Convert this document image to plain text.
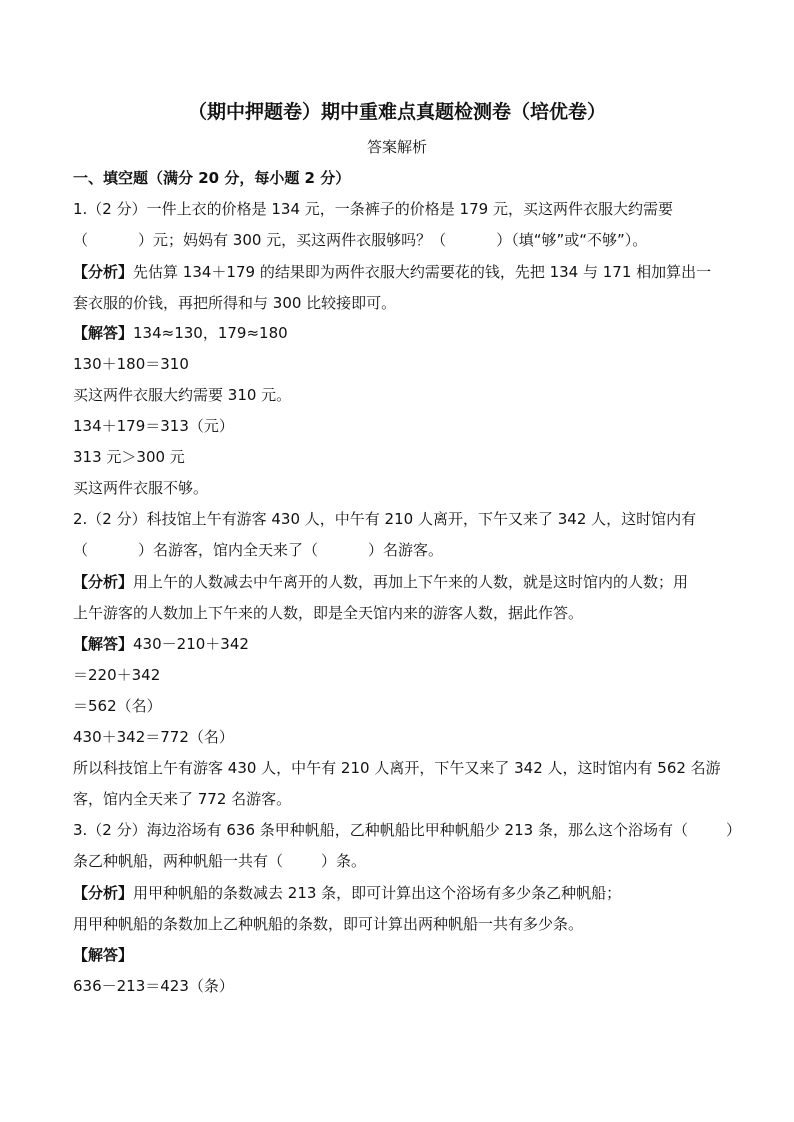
（期中押题卷）期中重难点真题检测卷（培优卷）
答案解析
一、填空题（满分 20 分，每小题 2 分）
1.（2 分）一件上衣的价格是 134 元，一条裤子的价格是 179 元，买这两件衣服大约需要
（	）元；妈妈有 300 元，买这两件衣服够吗？（	）（填“够”或“不够”）。
【分析】先估算 134＋179 的结果即为两件衣服大约需要花的钱，先把 134 与 171 相加算出一
套衣服的价钱，再把所得和与 300 比较接即可。
【解答】134≈130，179≈180
130＋180＝310
买这两件衣服大约需要 310 元。
134＋179＝313（元）
313 元＞300 元
买这两件衣服不够。
2.（2 分）科技馆上午有游客 430 人，中午有 210 人离开，下午又来了 342 人，这时馆内有
（	）名游客，馆内全天来了（	）名游客。
【分析】用上午的人数减去中午离开的人数，再加上下午来的人数，就是这时馆内的人数；用
上午游客的人数加上下午来的人数，即是全天馆内来的游客人数，据此作答。
【解答】430－210＋342
＝220＋342
＝562（名）
430＋342＝772（名）
所以科技馆上午有游客 430 人，中午有 210 人离开，下午又来了 342 人，这时馆内有 562 名游
客，馆内全天来了 772 名游客。
3.（2 分）海边浴场有 636 条甲种帆船，乙种帆船比甲种帆船少 213 条，那么这个浴场有（	）
条乙种帆船，两种帆船一共有（	）条。
【分析】用甲种帆船的条数减去 213 条，即可计算出这个浴场有多少条乙种帆船；
用甲种帆船的条数加上乙种帆船的条数，即可计算出两种帆船一共有多少条。
【解答】
636－213＝423（条）
